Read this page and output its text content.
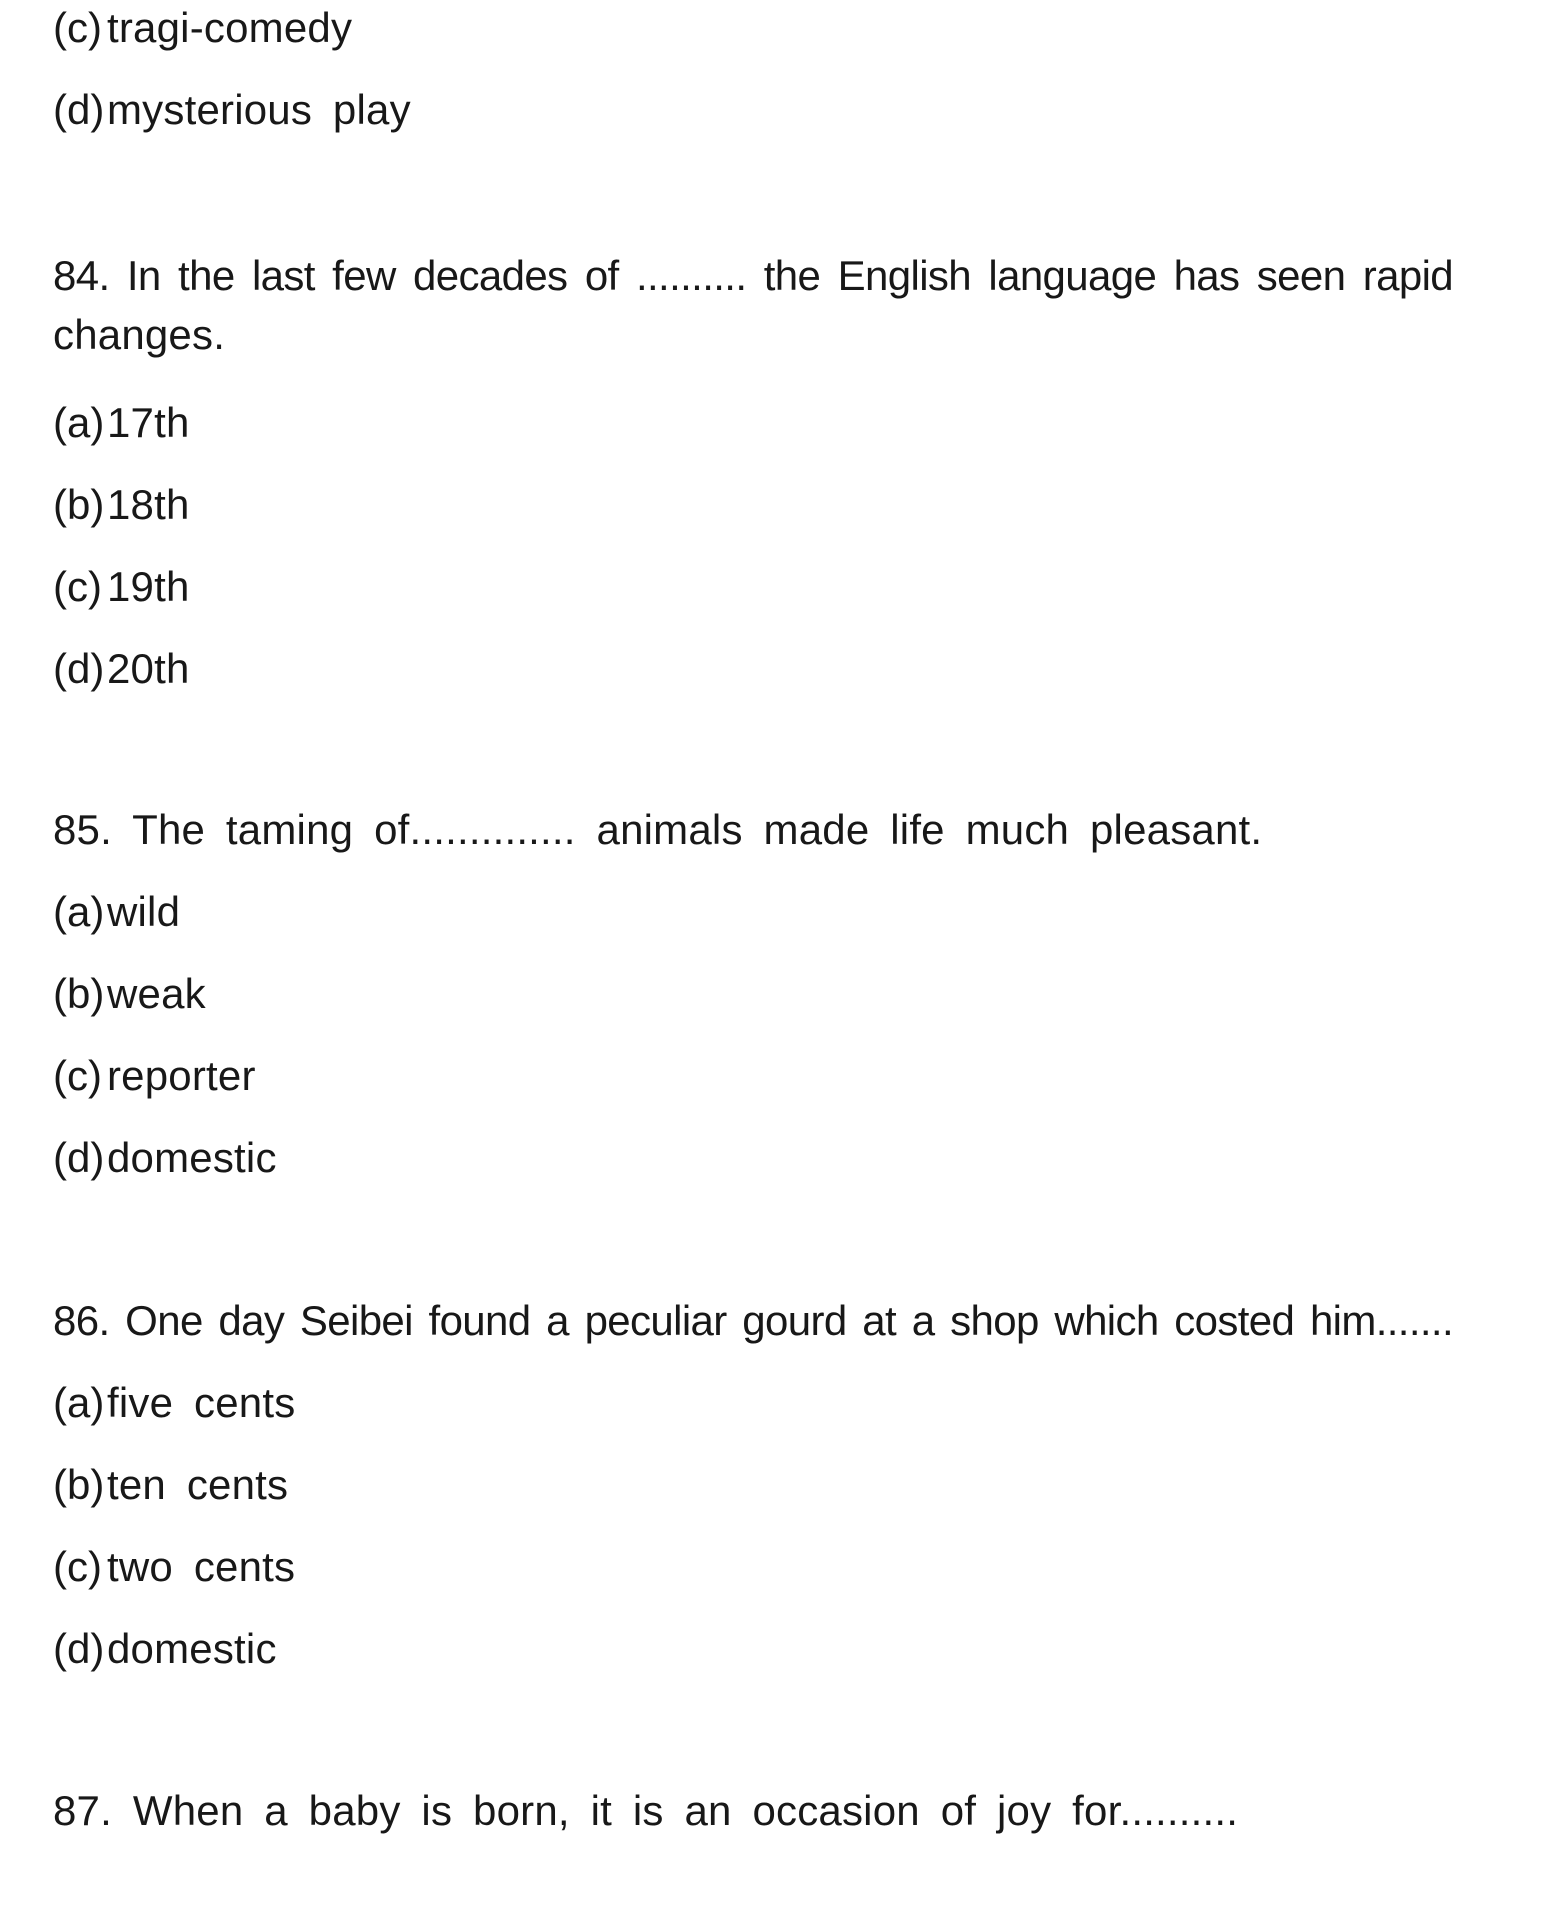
(c) tragi-comedy
(d) mysterious play
84. In the last few decades of .......... the English language has seen rapid
changes.
(a) 17th
(b) 18th
(c) 19th
(d) 20th
85. The taming of.............. animals made life much pleasant.
(a) wild
(b) weak
(c) reporter
(d) domestic
86. One day Seibei found a peculiar gourd at a shop which costed him.......
(a) five cents
(b) ten cents
(c) two cents
(d) domestic
87. When a baby is born, it is an occasion of joy for..........
